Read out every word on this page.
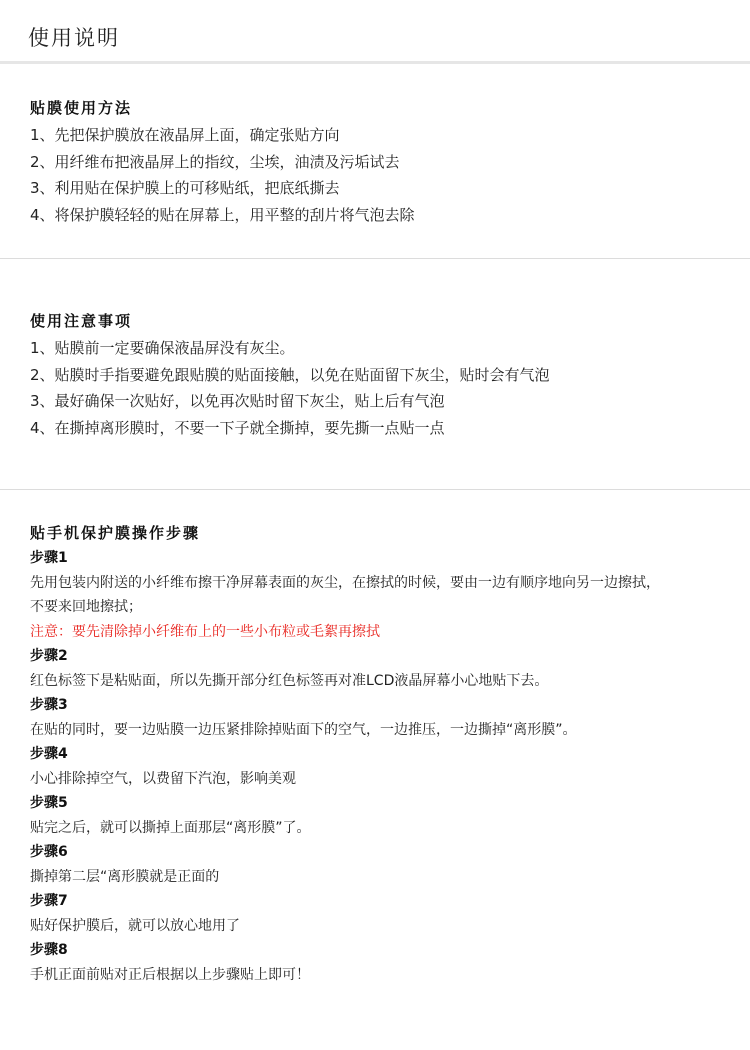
使用说明
贴膜使用方法
1、先把保护膜放在液晶屏上面，确定张贴方向
2、用纤维布把液晶屏上的指纹，尘埃，油渍及污垢试去
3、利用贴在保护膜上的可移贴纸，把底纸撕去
4、将保护膜轻轻的贴在屏幕上，用平整的刮片将气泡去除
使用注意事项
1、贴膜前一定要确保液晶屏没有灰尘。
2、贴膜时手指要避免跟贴膜的贴面接触，以免在贴面留下灰尘，贴时会有气泡
3、最好确保一次贴好，以免再次贴时留下灰尘，贴上后有气泡
4、在撕掉离形膜时，不要一下子就全撕掉，要先撕一点贴一点
贴手机保护膜操作步骤
步骤1
先用包装内附送的小纤维布擦干净屏幕表面的灰尘，在擦拭的时候，要由一边有顺序地向另一边擦拭，
不要来回地擦拭；
注意：要先清除掉小纤维布上的一些小布粒或毛絮再擦拭
步骤2
红色标签下是粘贴面，所以先撕开部分红色标签再对准LCD液晶屏幕小心地贴下去。
步骤3
在贴的同时，要一边贴膜一边压紧排除掉贴面下的空气，一边推压，一边撕掉“离形膜”。
步骤4
小心排除掉空气，以费留下汽泡，影响美观
步骤5
贴完之后，就可以撕掉上面那层“离形膜”了。
步骤6
撕掉第二层“离形膜就是正面的
步骤7
贴好保护膜后，就可以放心地用了
步骤8
手机正面前贴对正后根据以上步骤贴上即可！
